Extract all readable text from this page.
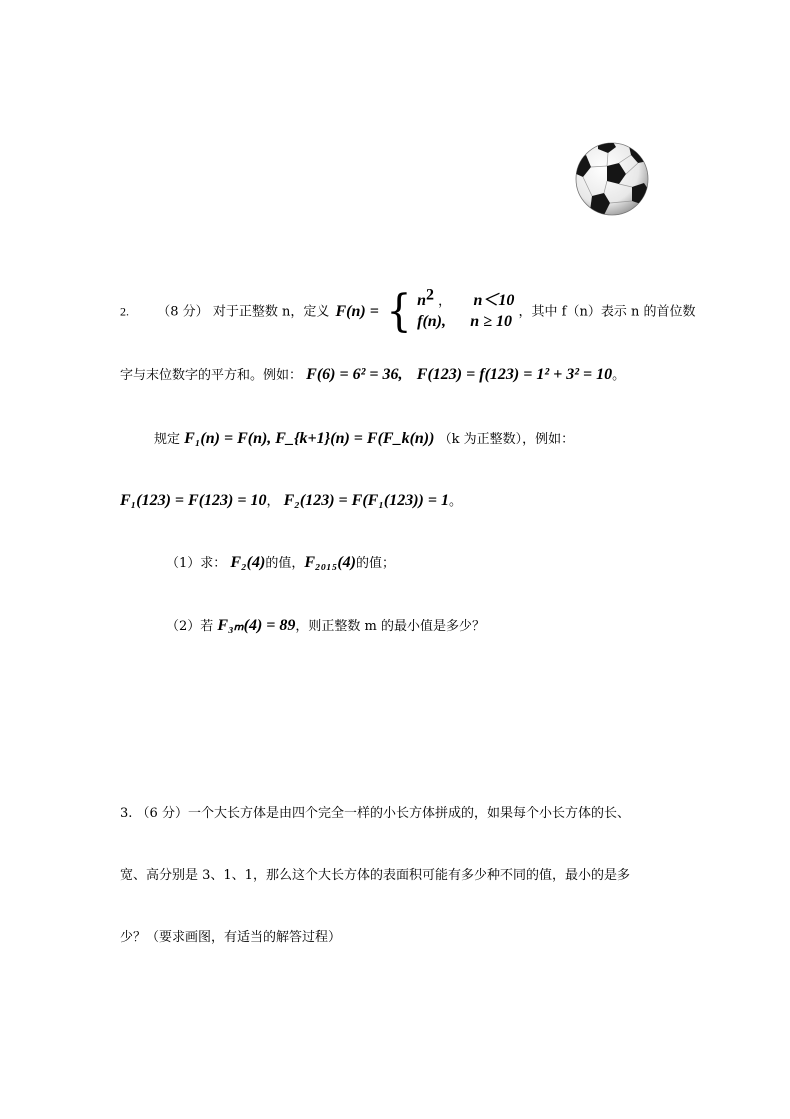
2. （8 分） 对于正整数 n，定义 F(n) = { $n^2$ ， n＜10
f(n), n ≥ 10
，其中 f（n）表示 n 的首位数
字与末位数字的平方和。例如： F(6) = 6² = 36, F(123) = f(123) = 1² + 3² = 10。
规定 F₁(n) = F(n), F_{k+1}(n) = F(F_k(n)) （k 为正整数），例如：
F₁(123) = F(123) = 10， F₂(123) = F(F₁(123)) = 1。
（1）求： F₂(4)的值，F₂₀₁₅(4)的值；
（2）若 F₃ₘ(4) = 89，则正整数 m 的最小值是多少？
3. （6 分）一个大长方体是由四个完全一样的小长方体拼成的，如果每个小长方体的长、
宽、高分别是 3、1、1，那么这个大长方体的表面积可能有多少种不同的值，最小的是多
少？（要求画图，有适当的解答过程）
